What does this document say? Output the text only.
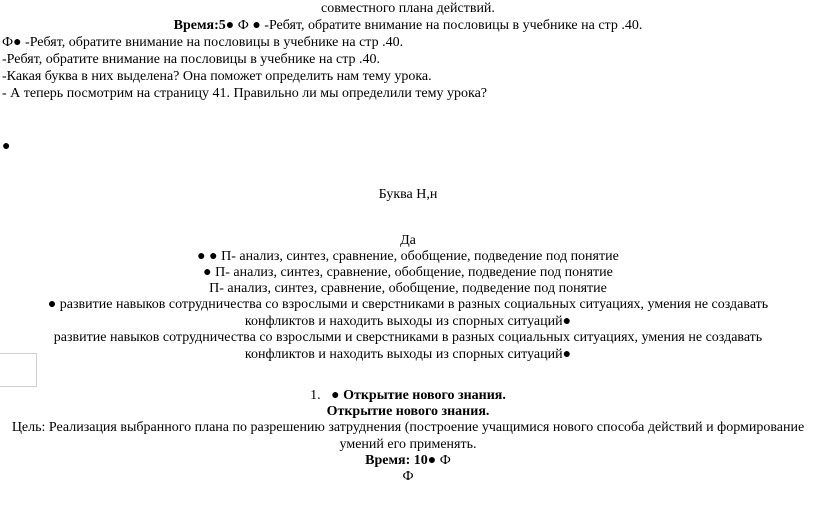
совместного плана действий.
Время:5● Ф ● -Ребят, обратите внимание на пословицы в учебнике на стр .40.
Ф● -Ребят, обратите внимание на пословицы в учебнике на стр .40.
-Ребят, обратите внимание на пословицы в учебнике на стр .40.
-Какая буква в них выделена? Она поможет определить нам тему урока.
- А теперь посмотрим на страницу 41. Правильно ли мы определили тему урока?
●
Буква Н,н
Да
● ● П- анализ, синтез, сравнение, обобщение, подведение под понятие
● П- анализ, синтез, сравнение, обобщение, подведение под понятие
П- анализ, синтез, сравнение, обобщение, подведение под понятие
● развитие навыков сотрудничества со взрослыми и сверстниками в разных социальных ситуациях, умения не создавать конфликтов и находить выходы из спорных ситуаций●
развитие навыков сотрудничества со взрослыми и сверстниками в разных социальных ситуациях, умения не создавать конфликтов и находить выходы из спорных ситуаций●
1. ● Открытие нового знания.
Открытие нового знания.
Цель: Реализация выбранного плана по разрешению затруднения (построение учащимися нового способа действий и формирование умений его применять.
Время: 10● Ф
Ф
